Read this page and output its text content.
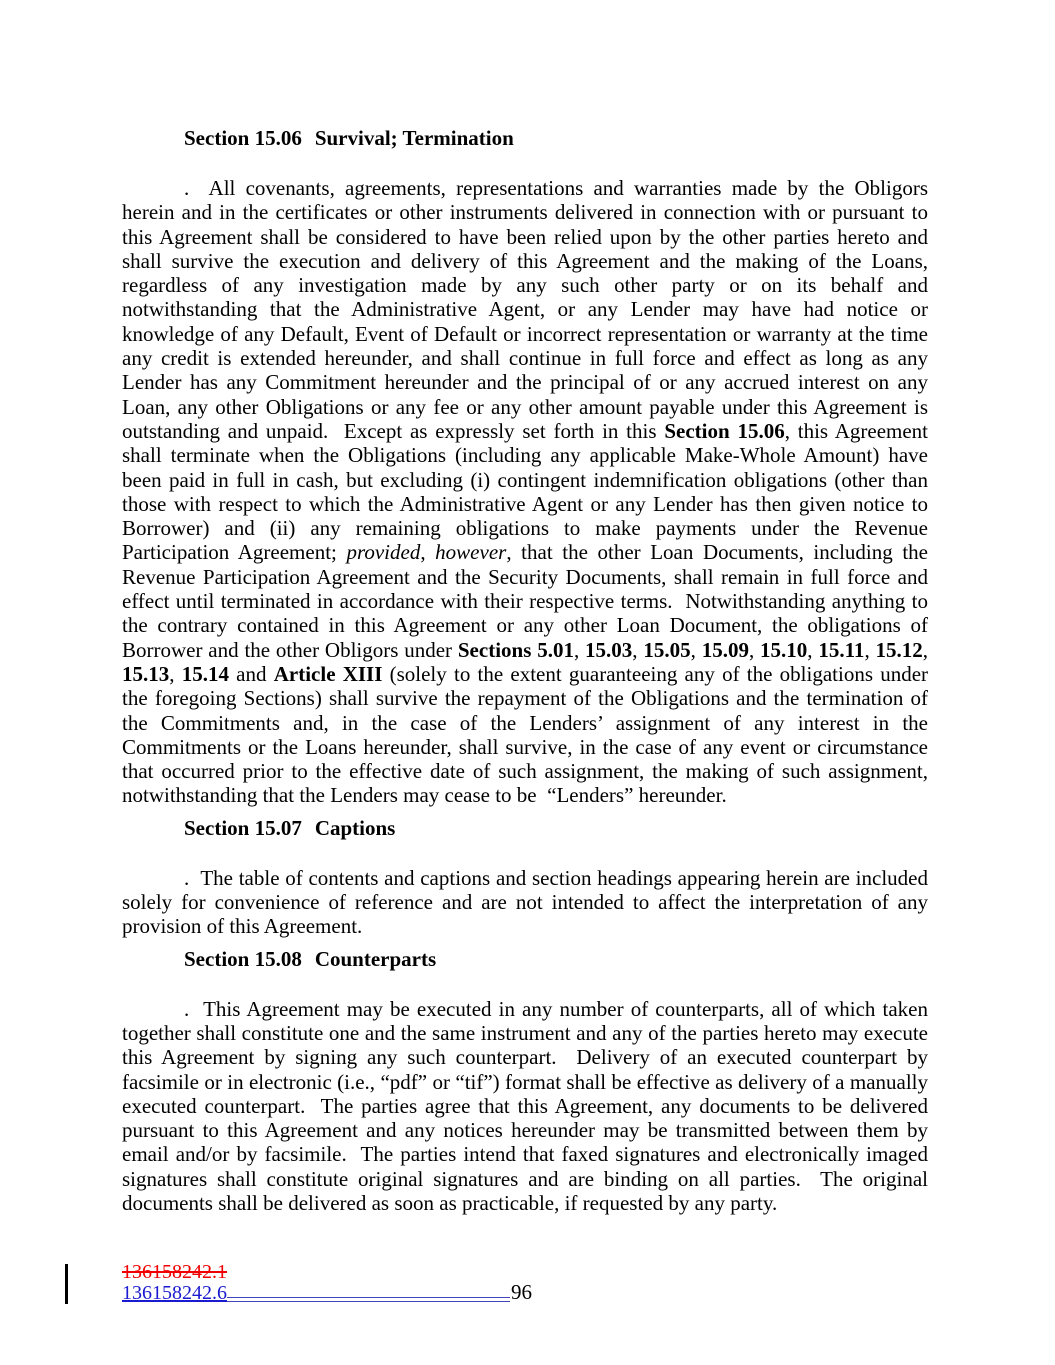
Section 15.06 Survival; Termination

.  All covenants, agreements, representations and warranties made by the Obligors herein and in the certificates or other instruments delivered in connection with or pursuant to this Agreement shall be considered to have been relied upon by the other parties hereto and shall survive the execution and delivery of this Agreement and the making of the Loans, regardless of any investigation made by any such other party or on its behalf and notwithstanding that the Administrative Agent, or any Lender may have had notice or knowledge of any Default, Event of Default or incorrect representation or warranty at the time any credit is extended hereunder, and shall continue in full force and effect as long as any Lender has any Commitment hereunder and the principal of or any accrued interest on any Loan, any other Obligations or any fee or any other amount payable under this Agreement is outstanding and unpaid.  Except as expressly set forth in this Section 15.06, this Agreement shall terminate when the Obligations (including any applicable Make-Whole Amount) have been paid in full in cash, but excluding (i) contingent indemnification obligations (other than those with respect to which the Administrative Agent or any Lender has then given notice to Borrower) and (ii) any remaining obligations to make payments under the Revenue Participation Agreement; provided, however, that the other Loan Documents, including the Revenue Participation Agreement and the Security Documents, shall remain in full force and effect until terminated in accordance with their respective terms.  Notwithstanding anything to the contrary contained in this Agreement or any other Loan Document, the obligations of Borrower and the other Obligors under Sections 5.01, 15.03, 15.05, 15.09, 15.10, 15.11, 15.12, 15.13, 15.14 and Article XIII (solely to the extent guaranteeing any of the obligations under the foregoing Sections) shall survive the repayment of the Obligations and the termination of the Commitments and, in the case of the Lenders’ assignment of any interest in the Commitments or the Loans hereunder, shall survive, in the case of any event or circumstance that occurred prior to the effective date of such assignment, the making of such assignment, notwithstanding that the Lenders may cease to be  “Lenders” hereunder.

Section 15.07 Captions

.  The table of contents and captions and section headings appearing herein are included solely for convenience of reference and are not intended to affect the interpretation of any provision of this Agreement.

Section 15.08 Counterparts

.  This Agreement may be executed in any number of counterparts, all of which taken together shall constitute one and the same instrument and any of the parties hereto may execute this Agreement by signing any such counterpart.  Delivery of an executed counterpart by facsimile or in electronic (i.e., “pdf” or “tif”) format shall be effective as delivery of a manually executed counterpart.  The parties agree that this Agreement, any documents to be delivered pursuant to this Agreement and any notices hereunder may be transmitted between them by email and/or by facsimile.  The parties intend that faxed signatures and electronically imaged signatures shall constitute original signatures and are binding on all parties.  The original documents shall be delivered as soon as practicable, if requested by any party.

136158242.1
136158242.6	96
